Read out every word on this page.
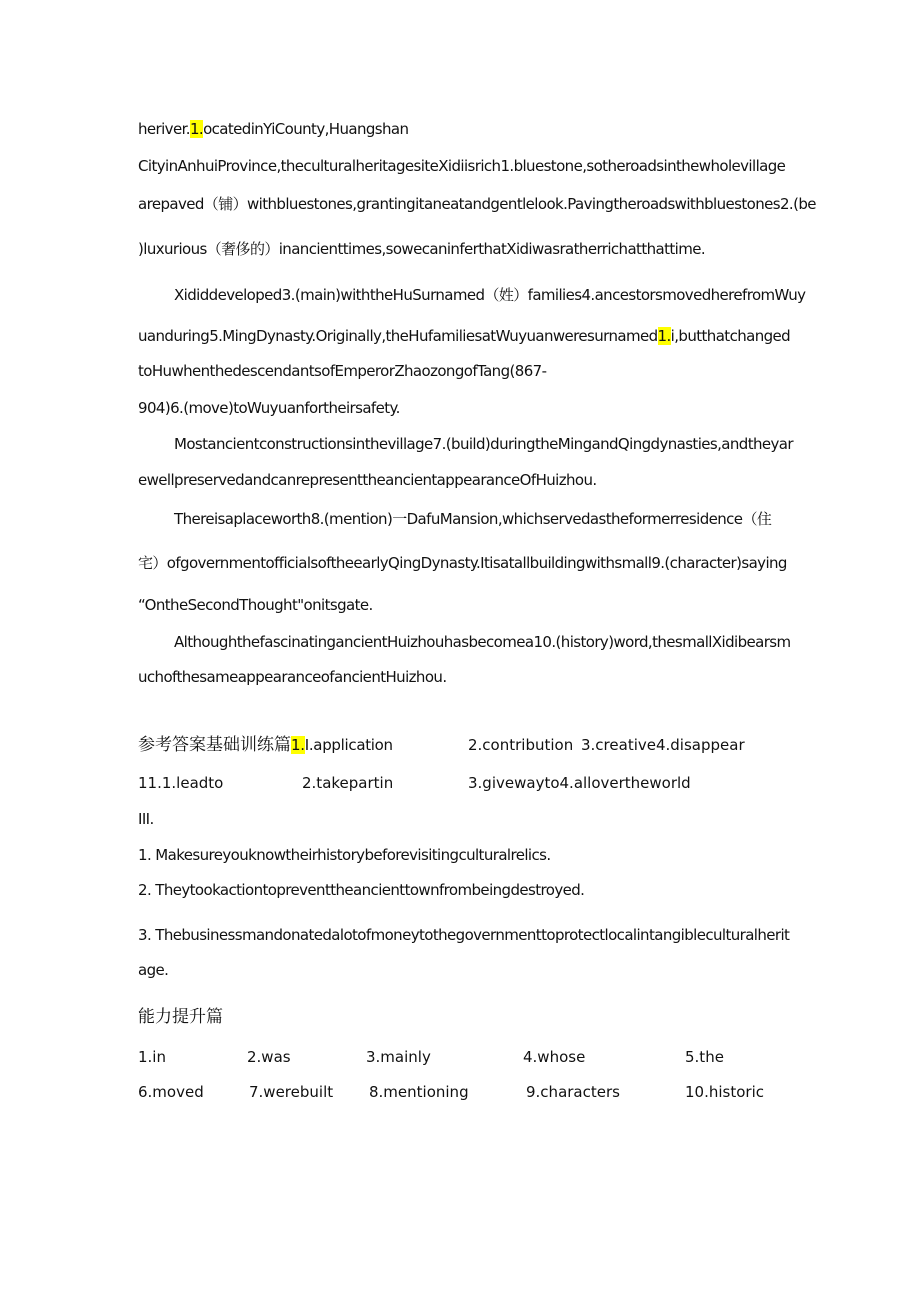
heriver.1.ocatedinYiCounty,Huangshan
CityinAnhuiProvince,theculturalheritagesiteXidiisrich1.bluestone,sotheroadsinthewholevillage
arepaved（铺）withbluestones,grantingitaneatandgentlelook.Pavingtheroadswithbluestones2.(be
)luxurious（奢侈的）inancienttimes,sowecaninferthatXidiwasratherrichatthattime.
Xididdeveloped3.(main)withtheHuSurnamed（姓）families4.ancestorsmovedherefromWuy
uanduring5.MingDynasty.Originally,theHufamiliesatWuyuanweresurnamed1.i,butthatchanged
toHuwhenthedescendantsofEmperorZhaozongofTang(867-
904)6.(move)toWuyuanfortheirsafety.
Mostancientconstructionsinthevillage7.(build)duringtheMingandQingdynasties,andtheyar
ewellpreservedandcanrepresenttheancientappearanceOfHuizhou.
Thereisaplaceworth8.(mention)一DafuMansion,whichservedastheformerresidence（住
宅）ofgovernmentofficialsoftheearlyQingDynasty.Itisatallbuildingwithsmall9.(character)saying
“OntheSecondThought"onitsgate.
AlthoughthefascinatingancientHuizhouhasbecomea10.(history)word,thesmallXidibearsm
uchofthesameappearanceofancientHuizhou.
参考答案基础训练篇1.I.application	2.contribution 3.creative4.disappear
11.1.leadto	2.takepartin	3.givewayto4.allovertheworld
III.
1. Makesureyouknowtheirhistorybeforevisitingculturalrelics.
2. Theytookactiontopreventtheancienttownfrombeingdestroyed.
3. Thebusinessmandonatedalotofmoneytothegovernmenttoprotectlocalintangibleculturalherit
age.
能力提升篇
1.in	2.was	3.mainly	4.whose	5.the
6.moved	7.werebuilt 8.mentioning	9.characters	10.historic
